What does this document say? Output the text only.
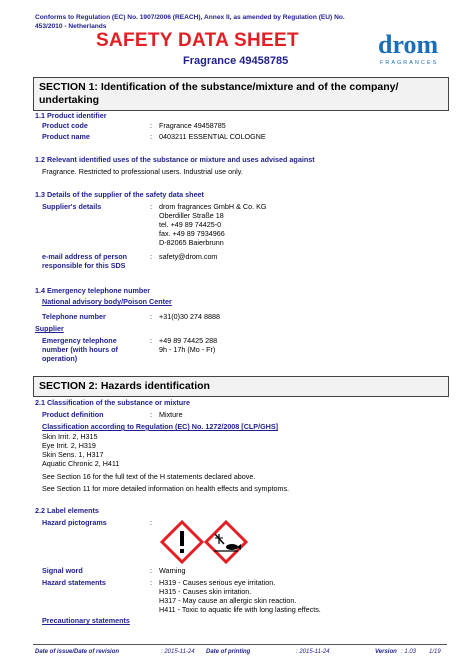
Conforms to Regulation (EC) No. 1907/2006 (REACH), Annex II, as amended by Regulation (EU) No. 453/2010 - Netherlands
SAFETY DATA SHEET
Fragrance 49458785
drom
FRAGRANCES
SECTION 1: Identification of the substance/mixture and of the company/ undertaking
1.1 Product identifier
Product code	: Fragrance 49458785
Product name	: 0403211 ESSENTIAL COLOGNE
1.2 Relevant identified uses of the substance or mixture and uses advised against
Fragrance. Restricted to professional users. Industrial use only.
1.3 Details of the supplier of the safety data sheet
Supplier's details	: drom fragrances GmbH & Co. KG
Oberdiller Straße 18
tel. +49 89 74425-0
fax. +49 89 7934966
D-82065 Baierbrunn
e-mail address of person
responsible for this SDS
: safety@drom.com
1.4 Emergency telephone number
National advisory body/Poison Center
Telephone number	: +31(0)30 274 8888
Supplier
Emergency telephone
number (with hours of
operation)
: +49 89 74425 288
9h - 17h (Mo - Fr)
SECTION 2: Hazards identification
2.1 Classification of the substance or mixture
Product definition	: Mixture
Classification according to Regulation (EC) No. 1272/2008 [CLP/GHS]
Skin Irrit. 2, H315
Eye Irrit. 2, H319
Skin Sens. 1, H317
Aquatic Chronic 2, H411
See Section 16 for the full text of the H statements declared above.
See Section 11 for more detailed information on health effects and symptoms.
2.2 Label elements
Hazard pictograms	:
Signal word	: Warning
Hazard statements	: H319 - Causes serious eye irritation.
H315 - Causes skin irritation.
H317 - May cause an allergic skin reaction.
H411 - Toxic to aquatic life with long lasting effects.
Precautionary statements
Date of issue/Date of revision	: 2015-11-24 Date of printing	: 2015-11-24	Version : 1.03 1/19
